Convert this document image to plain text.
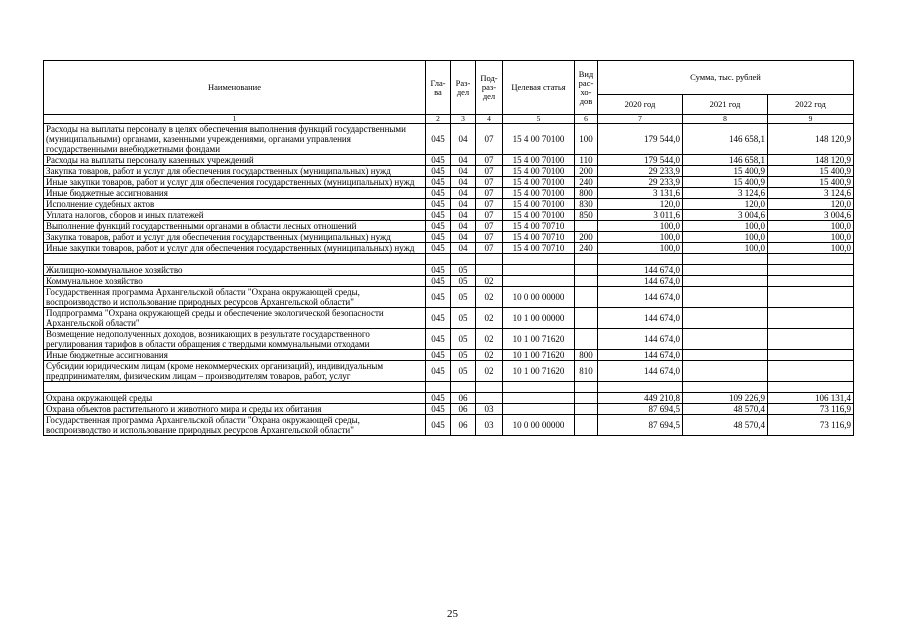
Наименование	Гла-ва	Раз-дел	Под-раз-дел	Целевая статья	Вид рас-хо-дов	Сумма, тыс. рублей		
						2020 год	2021 год	2022 год
1	2	3	4	5	6	7	8	9
Расходы на выплаты персоналу в целях обеспечения выполнения функций государственными (муниципальными) органами, казенными учреждениями, органами управления государственными внебюджетными фондами	045	04	07	15 4 00 70100	100	179 544,0	146 658,1	148 120,9
Расходы на выплаты персоналу казенных учреждений	045	04	07	15 4 00 70100	110	179 544,0	146 658,1	148 120,9
Закупка товаров, работ и услуг для обеспечения государственных (муниципальных) нужд	045	04	07	15 4 00 70100	200	29 233,9	15 400,9	15 400,9
Иные закупки товаров, работ и услуг для обеспечения государственных (муниципальных) нужд	045	04	07	15 4 00 70100	240	29 233,9	15 400,9	15 400,9
Иные бюджетные ассигнования	045	04	07	15 4 00 70100	800	3 131,6	3 124,6	3 124,6
Исполнение судебных актов	045	04	07	15 4 00 70100	830	120,0	120,0	120,0
Уплата налогов, сборов и иных платежей	045	04	07	15 4 00 70100	850	3 011,6	3 004,6	3 004,6
Выполнение функций государственными органами в области лесных отношений	045	04	07	15 4 00 70710		100,0	100,0	100,0
Закупка товаров, работ и услуг для обеспечения государственных (муниципальных) нужд	045	04	07	15 4 00 70710	200	100,0	100,0	100,0
Иные закупки товаров, работ и услуг для обеспечения государственных (муниципальных) нужд	045	04	07	15 4 00 70710	240	100,0	100,0	100,0

Жилищно-коммунальное хозяйство	045	05				144 674,0		
Коммунальное хозяйство	045	05	02			144 674,0		
Государственная программа Архангельской области "Охрана окружающей среды, воспроизводство и использование природных ресурсов Архангельской области"	045	05	02	10 0 00 00000		144 674,0		
Подпрограмма "Охрана окружающей среды и обеспечение экологической безопасности Архангельской области"	045	05	02	10 1 00 00000		144 674,0		
Возмещение недополученных доходов, возникающих в результате государственного регулирования тарифов в области обращения с твердыми коммунальными отходами	045	05	02	10 1 00 71620		144 674,0		
Иные бюджетные ассигнования	045	05	02	10 1 00 71620	800	144 674,0		
Субсидии юридическим лицам (кроме некоммерческих организаций), индивидуальным предпринимателям, физическим лицам – производителям товаров, работ, услуг	045	05	02	10 1 00 71620	810	144 674,0		

Охрана окружающей среды	045	06				449 210,8	109 226,9	106 131,4
Охрана объектов растительного и животного мира и среды их обитания	045	06	03			87 694,5	48 570,4	73 116,9
Государственная программа Архангельской области "Охрана окружающей среды, воспроизводство и использование природных ресурсов Архангельской области"	045	06	03	10 0 00 00000		87 694,5	48 570,4	73 116,9
25
